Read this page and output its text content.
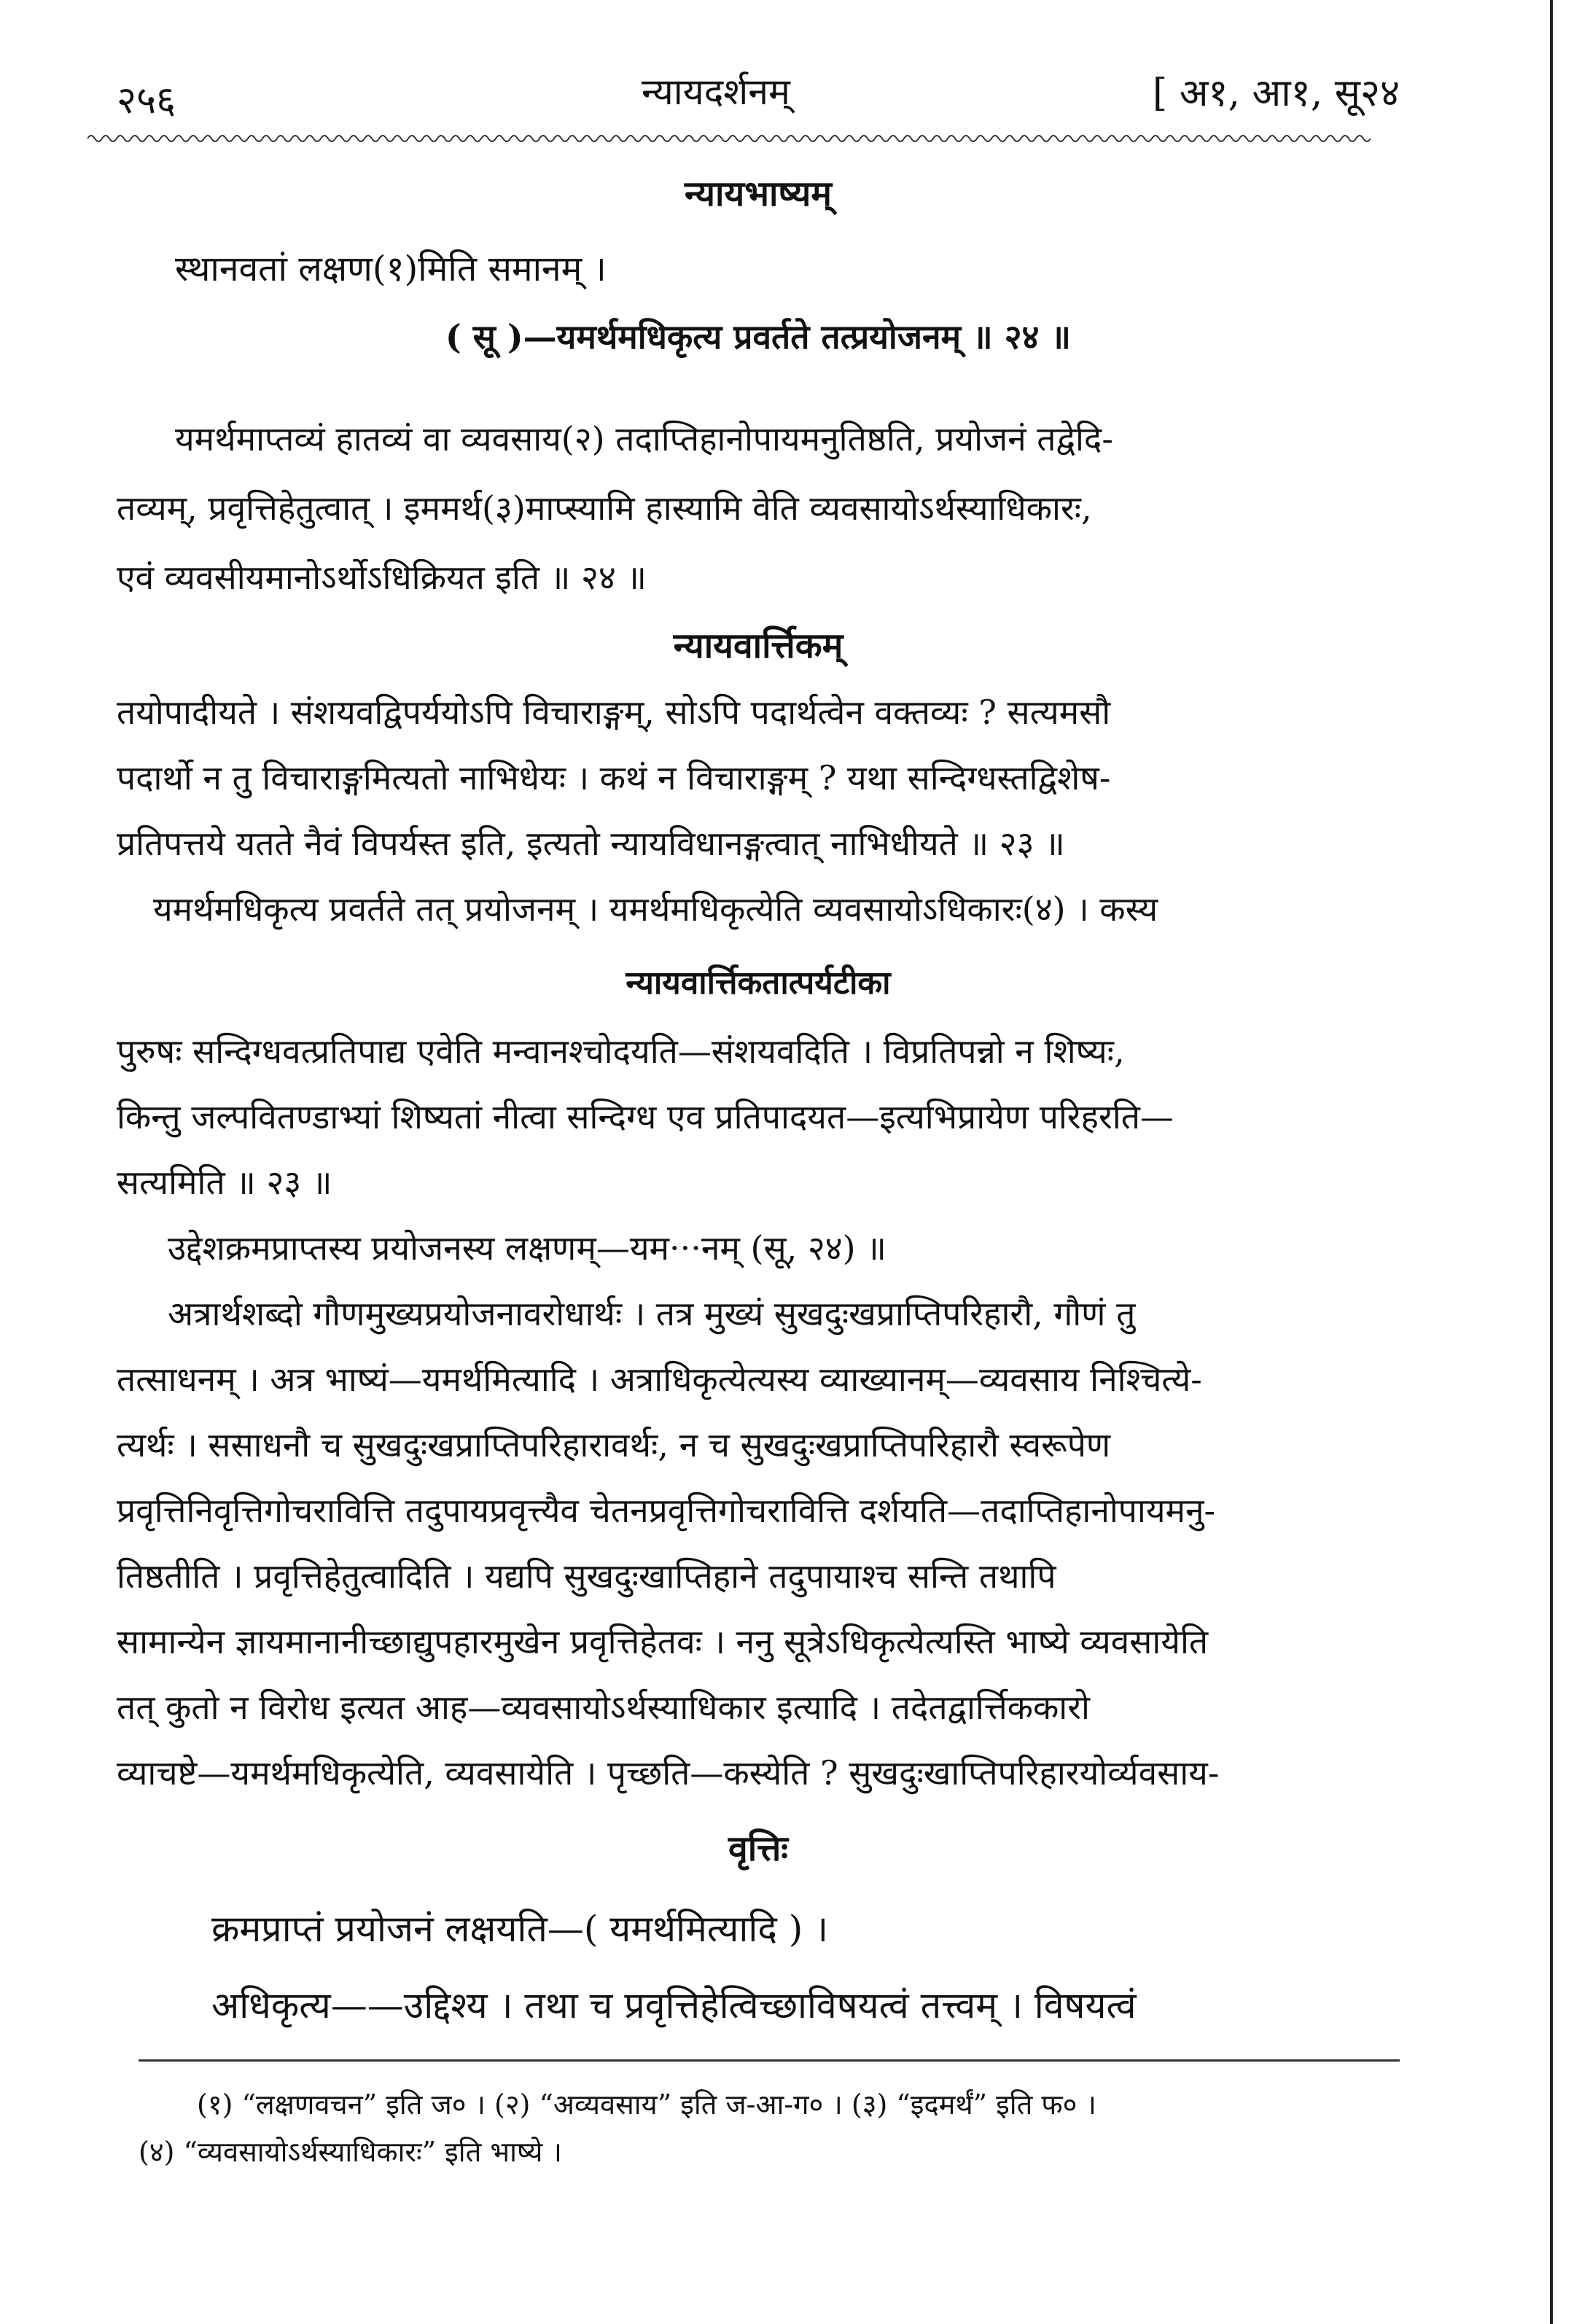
२५६	न्यायदर्शनम्	[ अ१, आ१, सू२४
न्यायभाष्यम्
स्थानवतां लक्षण(१)मिति समानम् ।
( सू )—यमर्थमधिकृत्य प्रवर्तते तत्प्रयोजनम् ॥ २४ ॥
यमर्थमाप्तव्यं हातव्यं वा व्यवसाय(२) तदाप्तिहानोपायमनुतिष्ठति, प्रयोजनं तद्वेदि-
तव्यम्, प्रवृत्तिहेतुत्वात् । इममर्थ(३)माप्स्यामि हास्यामि वेति व्यवसायोऽर्थस्याधिकारः,
एवं व्यवसीयमानोऽर्थोऽधिक्रियत इति ॥ २४ ॥
न्यायवार्त्तिकम्
तयोपादीयते । संशयवद्विपर्ययोऽपि विचाराङ्गम्, सोऽपि पदार्थत्वेन वक्तव्यः ? सत्यमसौ
पदार्थो न तु विचाराङ्गमित्यतो नाभिधेयः । कथं न विचाराङ्गम् ? यथा सन्दिग्धस्तद्विशेष-
प्रतिपत्तये यतते नैवं विपर्यस्त इति, इत्यतो न्यायविधानङ्गत्वात् नाभिधीयते ॥ २३ ॥
यमर्थमधिकृत्य प्रवर्तते तत् प्रयोजनम् । यमर्थमधिकृत्येति व्यवसायोऽधिकारः(४) । कस्य
न्यायवार्त्तिकतात्पर्यटीका
पुरुषः सन्दिग्धवत्प्रतिपाद्य एवेति मन्वानश्चोदयति—संशयवदिति । विप्रतिपन्नो न शिष्यः,
किन्तु जल्पवितण्डाभ्यां शिष्यतां नीत्वा सन्दिग्ध एव प्रतिपादयत—इत्यभिप्रायेण परिहरति—
सत्यमिति ॥ २३ ॥
उद्देशक्रमप्राप्तस्य प्रयोजनस्य लक्षणम्—यम···नम् (सू, २४) ॥
अत्रार्थशब्दो गौणमुख्यप्रयोजनावरोधार्थः । तत्र मुख्यं सुखदुःखप्राप्तिपरिहारौ, गौणं तु
तत्साधनम् । अत्र भाष्यं—यमर्थमित्यादि । अत्राधिकृत्येत्यस्य व्याख्यानम्—व्यवसाय निश्चित्ये-
त्यर्थः । ससाधनौ च सुखदुःखप्राप्तिपरिहारावर्थः, न च सुखदुःखप्राप्तिपरिहारौ स्वरूपेण
प्रवृत्तिनिवृत्तिगोचरावित्ति तदुपायप्रवृत्त्यैव चेतनप्रवृत्तिगोचरावित्ति दर्शयति—तदाप्तिहानोपायमनु-
तिष्ठतीति । प्रवृत्तिहेतुत्वादिति । यद्यपि सुखदुःखाप्तिहाने तदुपायाश्च सन्ति तथापि
सामान्येन ज्ञायमानानीच्छाद्युपहारमुखेन प्रवृत्तिहेतवः । ननु सूत्रेऽधिकृत्येत्यस्ति भाष्ये व्यवसायेति
तत् कुतो न विरोध इत्यत आह—व्यवसायोऽर्थस्याधिकार इत्यादि । तदेतद्वार्त्तिककारो
व्याचष्टे—यमर्थमधिकृत्येति, व्यवसायेति । पृच्छति—कस्येति ? सुखदुःखाप्तिपरिहारयोर्व्यवसाय-
वृत्तिः
क्रमप्राप्तं प्रयोजनं लक्षयति—( यमर्थमित्यादि ) ।
अधिकृत्य——उद्दिश्य । तथा च प्रवृत्तिहेत्विच्छाविषयत्वं तत्त्वम् । विषयत्वं
(१) “लक्षणवचन” इति ज० । (२) “अव्यवसाय” इति ज-आ-ग० । (३) “इदमर्थं” इति फ० ।
(४) “व्यवसायोऽर्थस्याधिकारः” इति भाष्ये ।
